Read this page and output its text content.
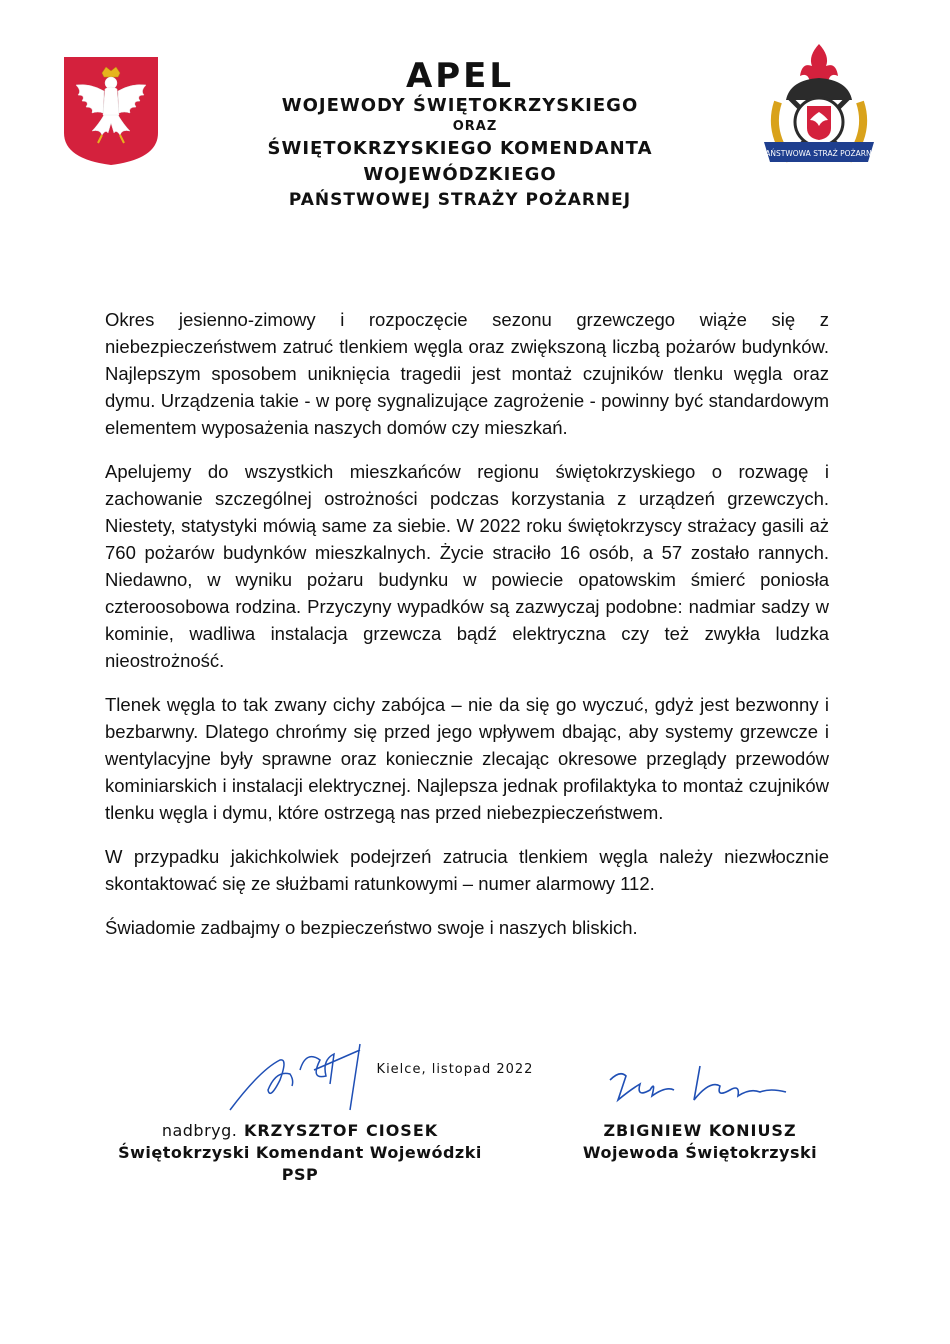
APEL
WOJEWODY ŚWIĘTOKRZYSKIEGO
ORAZ
ŚWIĘTOKRZYSKIEGO KOMENDANTA WOJEWÓDZKIEGO
PAŃSTWOWEJ STRAŻY POŻARNEJ
PAŃSTWOWA STRAŻ POŻARNA

Okres jesienno-zimowy i rozpoczęcie sezonu grzewczego wiąże się z niebezpieczeństwem zatruć tlenkiem węgla oraz zwiększoną liczbą pożarów budynków. Najlepszym sposobem uniknięcia tragedii jest montaż czujników tlenku węgla oraz dymu. Urządzenia takie - w porę sygnalizujące zagrożenie - powinny być standardowym elementem wyposażenia naszych domów czy mieszkań.

Apelujemy do wszystkich mieszkańców regionu świętokrzyskiego o rozwagę i zachowanie szczególnej ostrożności podczas korzystania z urządzeń grzewczych. Niestety, statystyki mówią same za siebie. W 2022 roku świętokrzyscy strażacy gasili aż 760 pożarów budynków mieszkalnych. Życie straciło 16 osób, a 57 zostało rannych. Niedawno, w wyniku pożaru budynku w powiecie opatowskim śmierć poniosła czteroosobowa rodzina. Przyczyny wypadków są zazwyczaj podobne: nadmiar sadzy w kominie, wadliwa instalacja grzewcza bądź elektryczna czy też zwykła ludzka nieostrożność.

Tlenek węgla to tak zwany cichy zabójca – nie da się go wyczuć, gdyż jest bezwonny i bezbarwny. Dlatego chrońmy się przed jego wpływem dbając, aby systemy grzewcze i wentylacyjne były sprawne oraz koniecznie zlecając okresowe przeglądy przewodów kominiarskich i instalacji elektrycznej. Najlepsza jednak profilaktyka to montaż czujników tlenku węgla i dymu, które ostrzegą nas przed niebezpieczeństwem.

W przypadku jakichkolwiek podejrzeń zatrucia tlenkiem węgla należy niezwłocznie skontaktować się ze służbami ratunkowymi – numer alarmowy 112.

Świadomie zadbajmy o bezpieczeństwo swoje i naszych bliskich.

nadbryg. KRZYSZTOF CIOSEK
Świętokrzyski Komendant Wojewódzki
PSP
ZBIGNIEW KONIUSZ
Wojewoda Świętokrzyski
Kielce, listopad 2022
